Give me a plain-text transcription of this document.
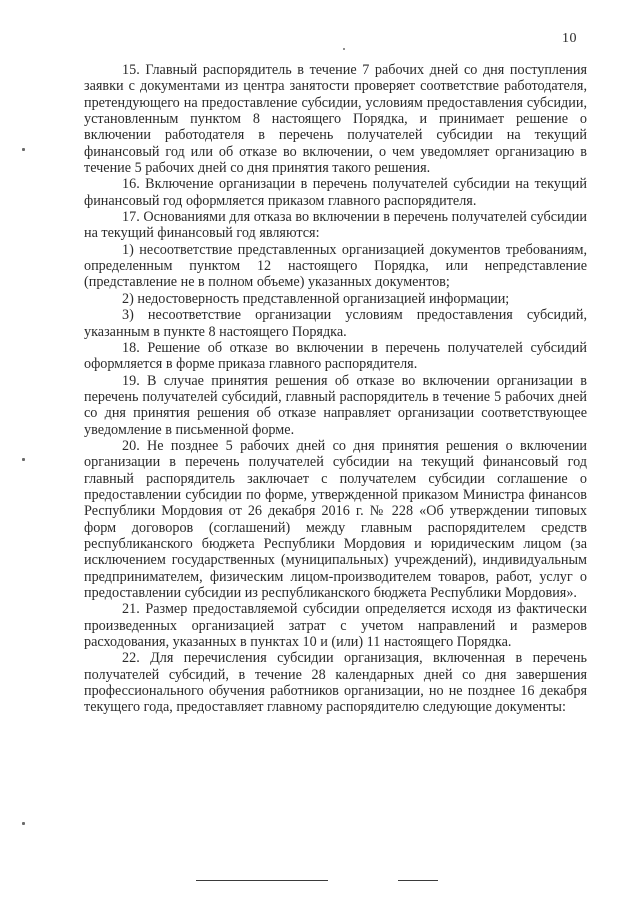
10

15. Главный распорядитель в течение 7 рабочих дней со дня поступления заявки с документами из центра занятости проверяет соответствие работодателя, претендующего на предоставление субсидии, условиям предоставления субсидии, установленным пунктом 8 настоящего Порядка, и принимает решение о включении работодателя в перечень получателей субсидии на текущий финансовый год или об отказе во включении, о чем уведомляет организацию в течение 5 рабочих дней со дня принятия такого решения.

16. Включение организации в перечень получателей субсидии на текущий финансовый год оформляется приказом главного распорядителя.

17. Основаниями для отказа во включении в перечень получателей субсидии на текущий финансовый год являются:

1) несоответствие представленных организацией документов требованиям, определенным пунктом 12 настоящего Порядка, или непредставление (представление не в полном объеме) указанных документов;

2) недостоверность представленной организацией информации;

3) несоответствие организации условиям предоставления субсидий, указанным в пункте 8 настоящего Порядка.

18. Решение об отказе во включении в перечень получателей субсидий оформляется в форме приказа главного распорядителя.

19. В случае принятия решения об отказе во включении организации в перечень получателей субсидий, главный распорядитель в течение 5 рабочих дней со дня принятия решения об отказе направляет организации соответствующее уведомление в письменной форме.

20. Не позднее 5 рабочих дней со дня принятия решения о включении организации в перечень получателей субсидии на текущий финансовый год главный распорядитель заключает с получателем субсидии соглашение о предоставлении субсидии по форме, утвержденной приказом Министра финансов Республики Мордовия от 26 декабря 2016 г. № 228 «Об утверждении типовых форм договоров (соглашений) между главным распорядителем средств республиканского бюджета Республики Мордовия и юридическим лицом (за исключением государственных (муниципальных) учреждений), индивидуальным предпринимателем, физическим лицом-производителем товаров, работ, услуг о предоставлении субсидии из республиканского бюджета Республики Мордовия».

21. Размер предоставляемой субсидии определяется исходя из фактически произведенных организацией затрат с учетом направлений и размеров расходования, указанных в пунктах 10 и (или) 11 настоящего Порядка.

22. Для перечисления субсидии организация, включенная в перечень получателей субсидий, в течение 28 календарных дней со дня завершения профессионального обучения работников организации, но не позднее 16 декабря текущего года, предоставляет главному распорядителю следующие документы:
